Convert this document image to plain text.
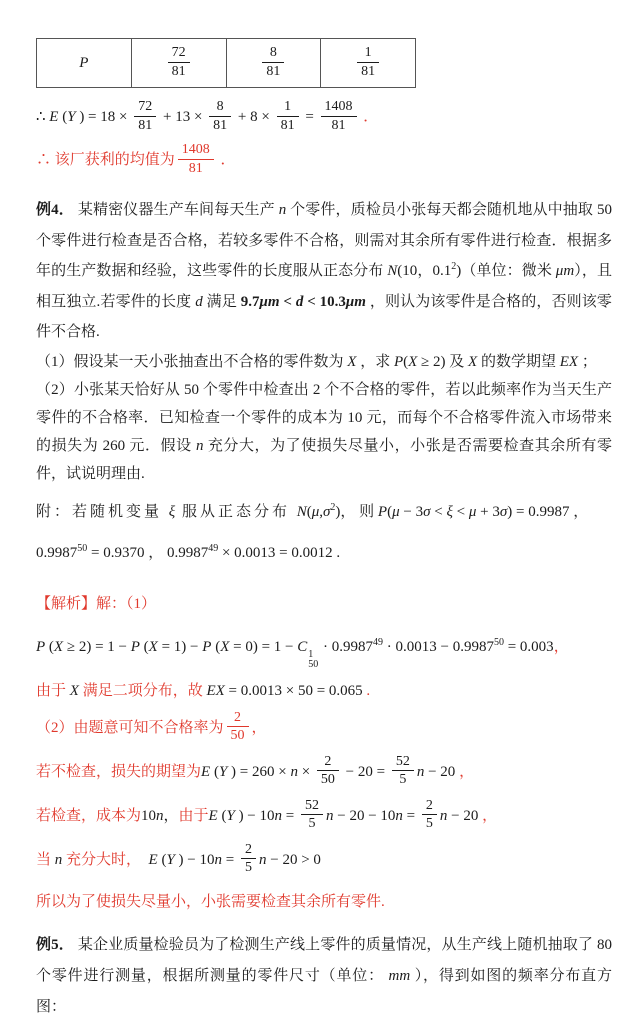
P	$\frac{72}{81}$	$\frac{8}{81}$	$\frac{1}{81}$

∴ E ( Y ) = $18 \times \frac{72}{81} + 13 \times \frac{8}{81} + 8 \times \frac{1}{81} = \frac{1408}{81}$ ．

∴ 该厂获利的均值为 $\frac{1408}{81}$ ．

例4． 某精密仪器生产车间每天生产 n 个零件，质检员小张每天都会随机地从中抽取 50 个零件进行检查是否合格，若较多零件不合格，则需对其余所有零件进行检查．根据多年的生产数据和经验，这些零件的长度服从正态分布 N(10，$0.1^2$)（单位：微米 μm），且相互独立.若零件的长度 d 满足 9.7μm < d < 10.3μm ，则认为该零件是合格的，否则该零件不合格.

（1）假设某一天小张抽查出不合格的零件数为 X ，求 P(X ≥ 2) 及 X 的数学期望 EX ；

（2）小张某天恰好从 50 个零件中检查出 2 个不合格的零件，若以此频率作为当天生产零件的不合格率．已知检查一个零件的成本为 10 元，而每个不合格零件流入市场带来的损失为 260 元．假设 n 充分大，为了使损失尽量小，小张是否需要检查其余所有零件，试说明理由.

附：若随机变量 ξ 服从正态分布 $N(\mu,\sigma^2)$， 则 P(μ − 3σ < ξ < μ + 3σ) = 0.9987 ，

$0.9987^{50} = 0.9370$ ， $0.9987^{49} \times 0.0013 = 0.0012$ .

【解析】解：（1）

P (X ≥ 2) = 1 − P (X = 1) − P (X = 0) = 1 − C 1
50
· $0.9987^{49} \cdot 0.0013 - 0.9987^{50} = 0.003$，

由于 X 满足二项分布，故 EX = 0.0013 × 50 = 0.065 .

（2）由题意可知不合格率为 $\frac{2}{50}$ ，

若不检查，损失的期望为 E ( Y ) = $260 \times n \times \frac{2}{50} - 20 = \frac{52}{5}$ n − 20 ，

若检查，成本为 10 n ， 由于 E ( Y ) − 10 $n = \frac{52}{5}$ n − 20 − 10 $n = \frac{2}{5}$ n − 20 ，

当 n 充分大时， E ( Y ) − 10 $n = \frac{2}{5}$ n − 20 > 0

所以为了使损失尽量小，小张需要检查其余所有零件.

例5． 某企业质量检验员为了检测生产线上零件的质量情况，从生产线上随机抽取了 80 个零件进行测量，根据所测量的零件尺寸（单位： mm ），得到如图的频率分布直方图：
